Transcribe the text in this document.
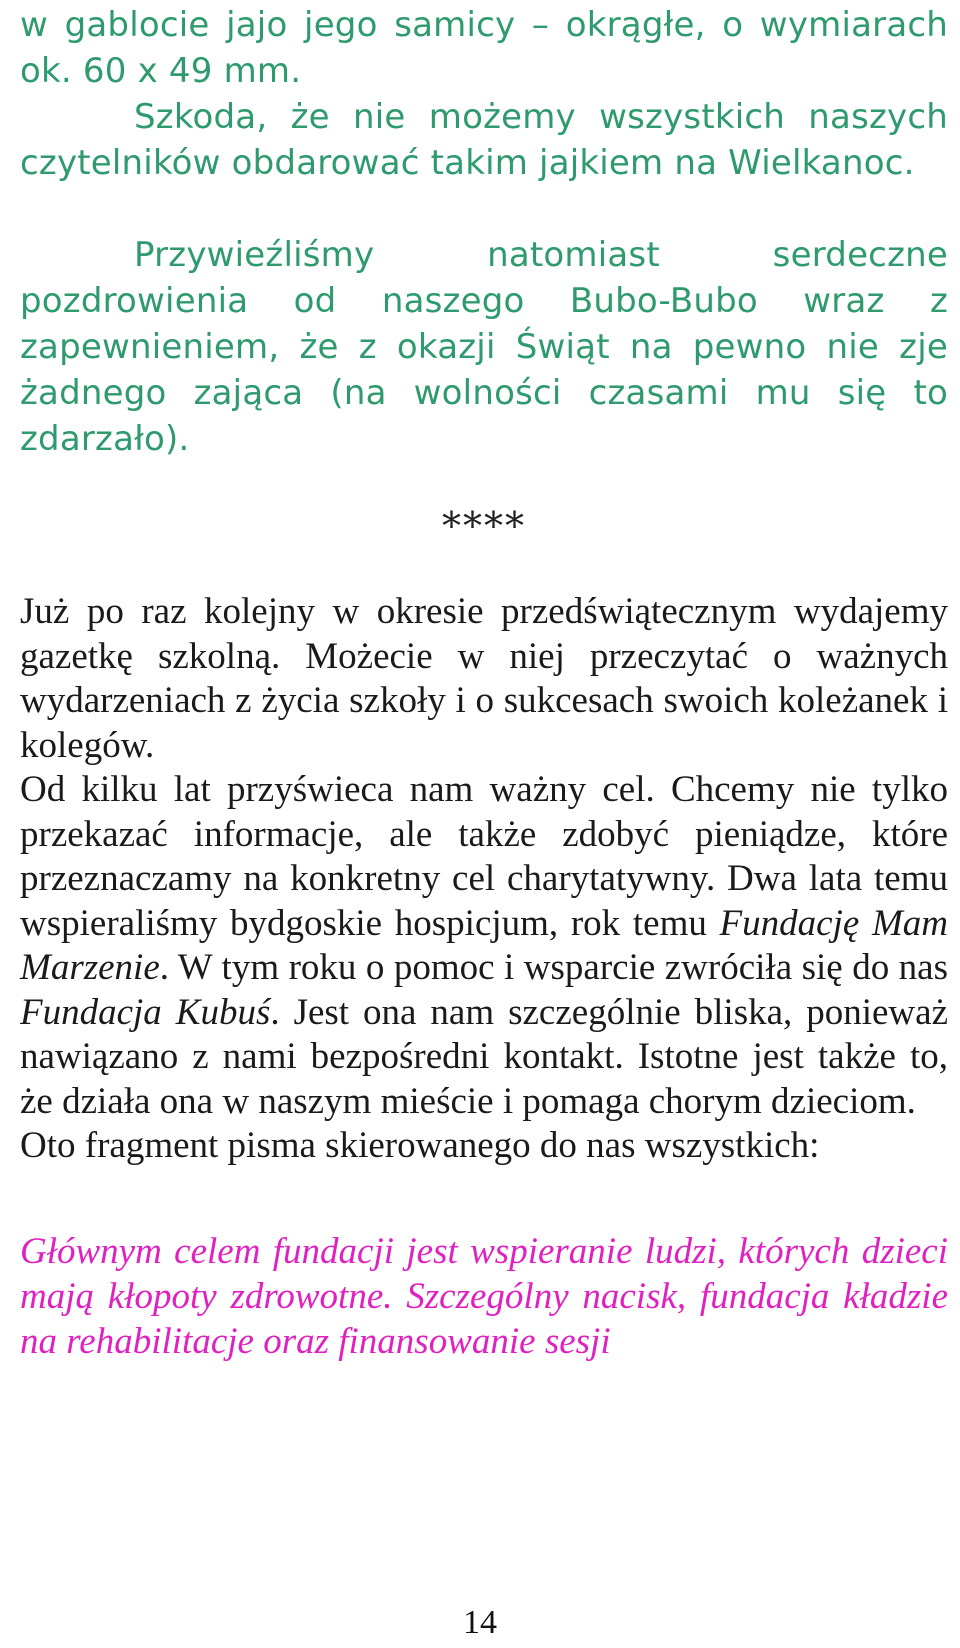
w gablocie jajo jego samicy – okrągłe, o wymiarach ok. 60 x 49 mm.

Szkoda, że nie możemy wszystkich naszych czytelników obdarować takim jajkiem na Wielkanoc.

Przywieźliśmy natomiast serdeczne pozdrowienia od naszego Bubo-Bubo wraz z zapewnieniem, że z okazji Świąt na pewno nie zje żadnego zająca (na wolności czasami mu się to zdarzało).

****

Już po raz kolejny w okresie przedświątecznym wydajemy gazetkę szkolną. Możecie w niej przeczytać o ważnych wydarzeniach z życia szkoły i o sukcesach swoich koleżanek i kolegów.

Od kilku lat przyświeca nam ważny cel. Chcemy nie tylko przekazać informacje, ale także zdobyć pieniądze, które przeznaczamy na konkretny cel charytatywny. Dwa lata temu wspieraliśmy bydgoskie hospicjum, rok temu Fundację Mam Marzenie. W tym roku o pomoc i wsparcie zwróciła się do nas Fundacja Kubuś. Jest ona nam szczególnie bliska, ponieważ nawiązano z nami bezpośredni kontakt. Istotne jest także to, że działa ona w naszym mieście i pomaga chorym dzieciom.

Oto fragment pisma skierowanego do nas wszystkich:

Głównym celem fundacji jest wspieranie ludzi, których dzieci mają kłopoty zdrowotne. Szczególny nacisk, fundacja kładzie na rehabilitacje oraz finansowanie sesji

14
